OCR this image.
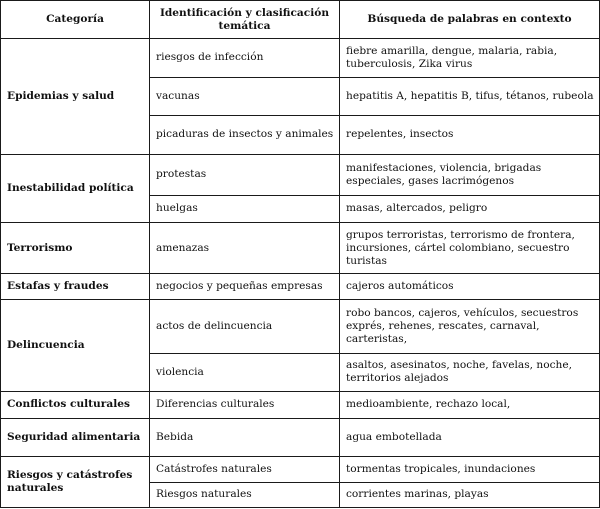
Categoría	Identificación y clasificación temática	Búsqueda de palabras en contexto
Epidemias y salud	riesgos de infección	fiebre amarilla, dengue, malaria, rabia, tuberculosis, Zika virus
	vacunas	hepatitis A, hepatitis B, tifus, tétanos, rubeola
	picaduras de insectos y animales	repelentes, insectos
Inestabilidad política	protestas	manifestaciones, violencia, brigadas especiales, gases lacrimógenos
	huelgas	masas, altercados, peligro
Terrorismo	amenazas	grupos terroristas, terrorismo de frontera, incursiones, cártel colombiano, secuestro turistas
Estafas y fraudes	negocios y pequeñas empresas	cajeros automáticos
Delincuencia	actos de delincuencia	robo bancos, cajeros, vehículos, secuestros exprés, rehenes, rescates, carnaval, carteristas,
	violencia	asaltos, asesinatos, noche, favelas, noche, territorios alejados
Conflictos culturales	Diferencias culturales	medioambiente, rechazo local,
Seguridad alimentaria	Bebida	agua embotellada
Riesgos y catástrofes naturales	Catástrofes naturales	tormentas tropicales, inundaciones
	Riesgos naturales	corrientes marinas, playas
